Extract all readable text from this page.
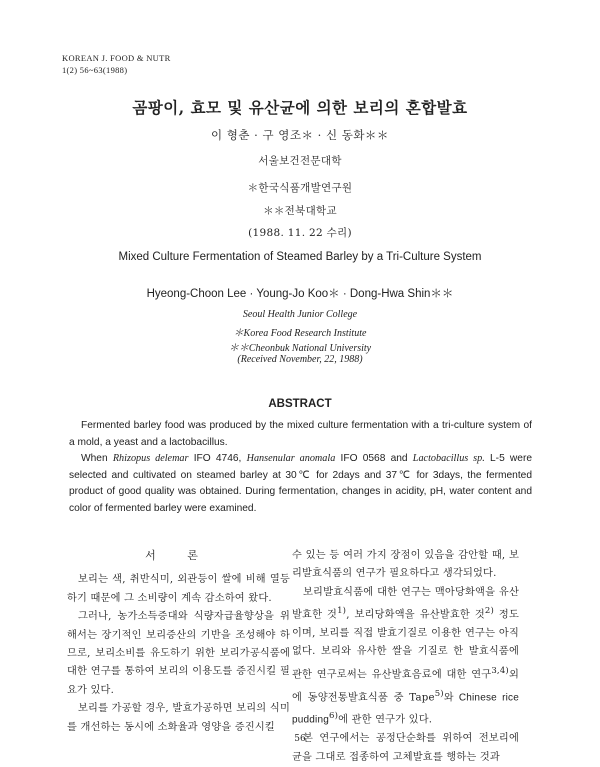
KOREAN J. FOOD & NUTR
1(2) 56~63(1988)
곰팡이, 효모 및 유산균에 의한 보리의 혼합발효
이 형춘 · 구 영조＊ · 신 동화＊＊
서울보건전문대학
＊한국식품개발연구원
＊＊전북대학교
(1988. 11. 22 수리)
Mixed Culture Fermentation of Steamed Barley by a Tri-Culture System
Hyeong-Choon Lee · Young-Jo Koo＊ · Dong-Hwa Shin＊＊
Seoul Health Junior College
＊Korea Food Research Institute
＊＊Cheonbuk National University
(Received November, 22, 1988)
ABSTRACT

Fermented barley food was produced by the mixed culture fermentation with a tri-culture system of a mold, a yeast and a lactobacillus.

When Rhizopus delemar IFO 4746, Hansenular anomala IFO 0568 and Lactobacillus sp. L-5 were selected and cultivated on steamed barley at 30℃ for 2days and 37℃ for 3days, the fermented product of good quality was obtained. During fermentation, changes in acidity, pH, water content and color of fermented barley were examined.

서 론

보리는 색, 취반식미, 외관등이 쌀에 비해 열등하기 때문에 그 소비량이 계속 감소하여 왔다.

그러나, 농가소득증대와 식량자급율향상을 위해서는 장기적인 보리증산의 기반을 조성해야 하므로, 보리소비를 유도하기 위한 보리가공식품에 대한 연구를 통하여 보리의 이용도를 증진시킬 필요가 있다.

보리를 가공할 경우, 발효가공하면 보리의 식미를 개선하는 동시에 소화율과 영양을 증진시킬

수 있는 등 여러 가지 장점이 있음을 감안할 때, 보리발효식품의 연구가 필요하다고 생각되었다.

보리발효식품에 대한 연구는 맥아당화액을 유산발효한 것$^{1)}$, 보리당화액을 유산발효한 것$^{2)}$ 정도이며, 보리를 직접 발효기질로 이용한 연구는 아직 없다. 보리와 유사한 쌀을 기질로 한 발효식품에 관한 연구로써는 유산발효음료에 대한 연구$^{3,4)}$외에 동양전통발효식품 중 Tape$^{5)}$와 Chinese rice pudding$^{6)}$에 관한 연구가 있다.

본 연구에서는 공정단순화를 위하여 전보리에 균을 그대로 접종하여 고체발효를 행하는 것과

56
